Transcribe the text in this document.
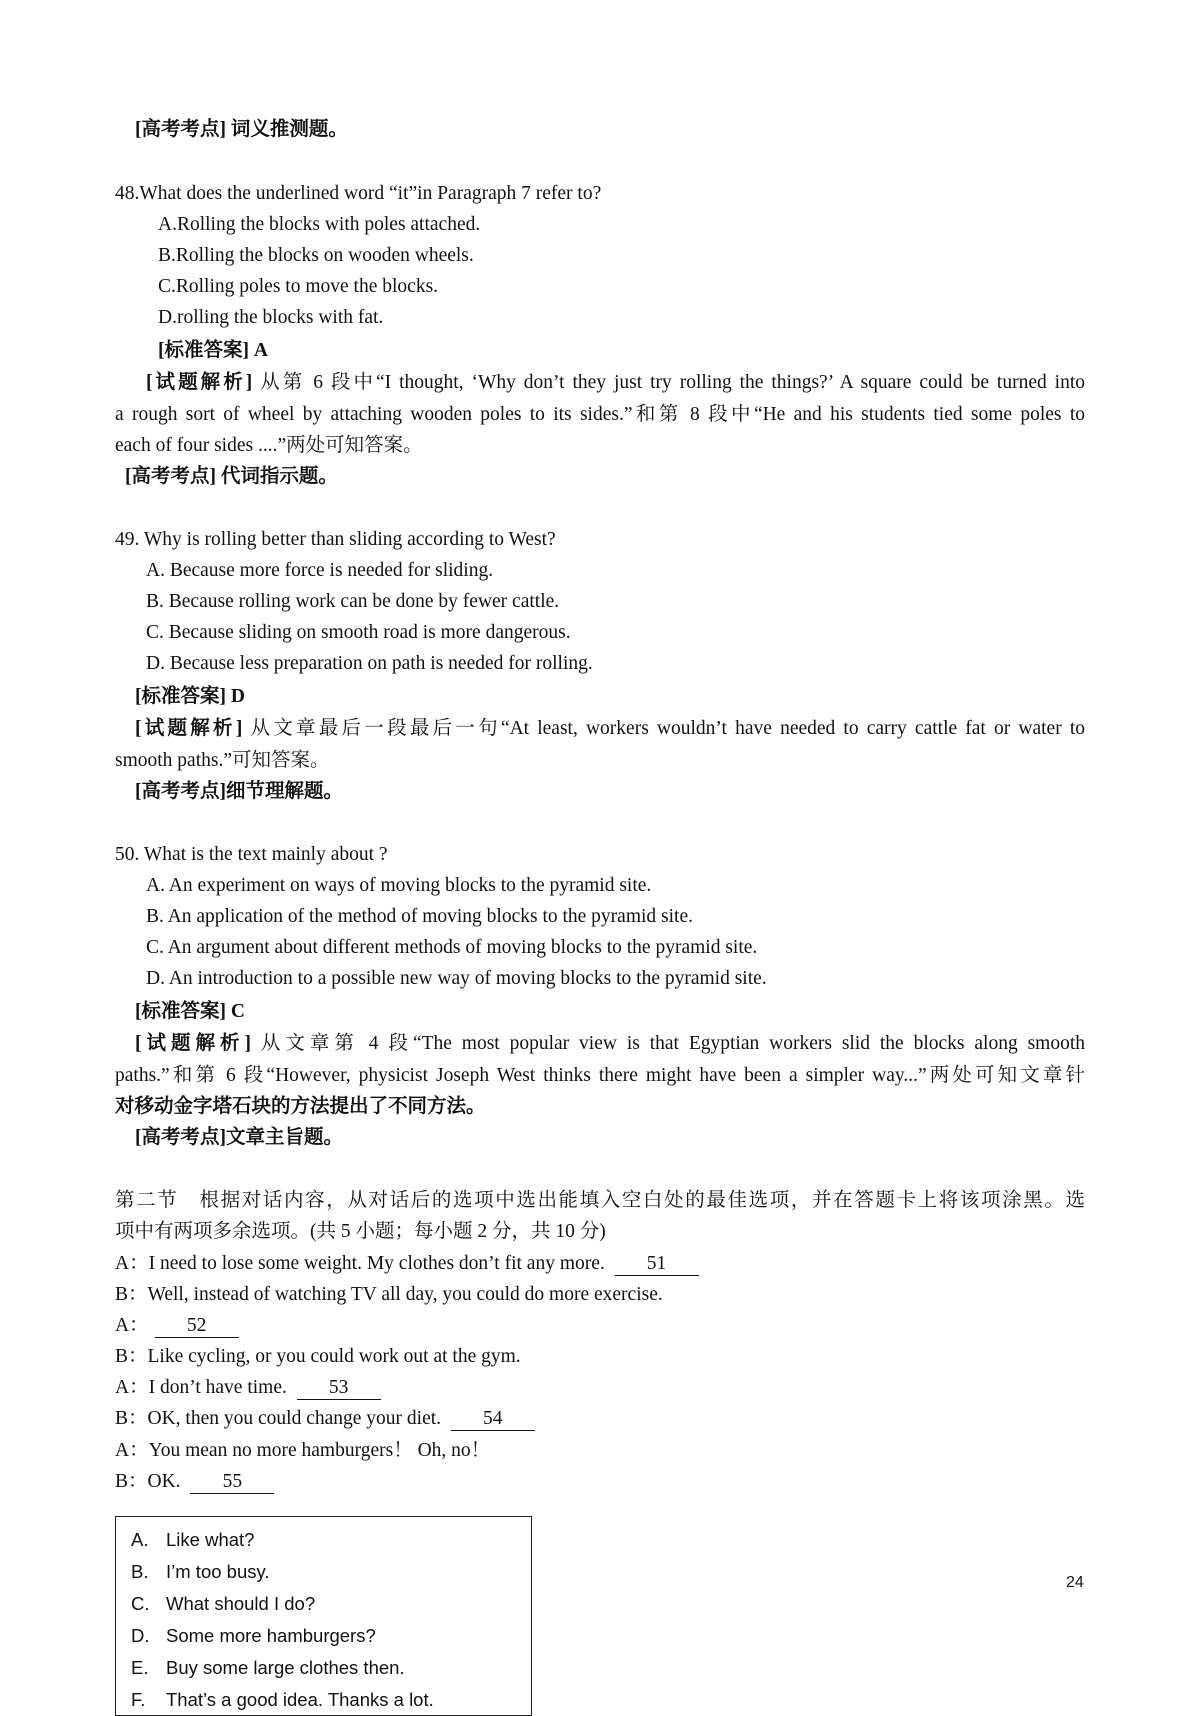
[高考考点] 词义推测题。
48.What does the underlined word “it”in Paragraph 7 refer to?
A.Rolling the blocks with poles attached.
B.Rolling the blocks on wooden wheels.
C.Rolling poles to move the blocks.
D.rolling the blocks with fat.
[标准答案] A
[试题解析] 从第 6 段中“I thought, ‘Why don’t they just try rolling the things?’ A square could be turned into
a rough sort of wheel by attaching wooden poles to its sides.”和第 8 段中“He and his students tied some poles to
each of four sides ....”两处可知答案。
[高考考点] 代词指示题。
49. Why is rolling better than sliding according to West?
A. Because more force is needed for sliding.
B. Because rolling work can be done by fewer cattle.
C. Because sliding on smooth road is more dangerous.
D. Because less preparation on path is needed for rolling.
[标准答案] D
[试题解析] 从文章最后一段最后一句“At least, workers wouldn’t have needed to carry cattle fat or water to
smooth paths.”可知答案。
[高考考点]细节理解题。
50. What is the text mainly about ?
A. An experiment on ways of moving blocks to the pyramid site.
B. An application of the method of moving blocks to the pyramid site.
C. An argument about different methods of moving blocks to the pyramid site.
D. An introduction to a possible new way of moving blocks to the pyramid site.
[标准答案] C
[试题解析] 从文章第 4 段“The most popular view is that Egyptian workers slid the blocks along smooth
paths.”和第 6 段“However, physicist Joseph West thinks there might have been a simpler way...”两处可知文章针
对移动金字塔石块的方法提出了不同方法。
[高考考点]文章主旨题。
第二节　根据对话内容，从对话后的选项中选出能填入空白处的最佳选项，并在答题卡上将该项涂黑。选
项中有两项多余选项。(共 5 小题；每小题 2 分，共 10 分)
A：I need to lose some weight. My clothes don’t fit any more. 51
B：Well, instead of watching TV all day, you could do more exercise.
A： 52
B：Like cycling, or you could work out at the gym.
A：I don’t have time. 53
B：OK, then you could change your diet. 54
A：You mean no more hamburgers！ Oh, no！
B：OK. 55
A. Like what?
B. I’m too busy.
C. What should I do?
D. Some more hamburgers?
E. Buy some large clothes then.
F. That’s a good idea. Thanks a lot.
24
